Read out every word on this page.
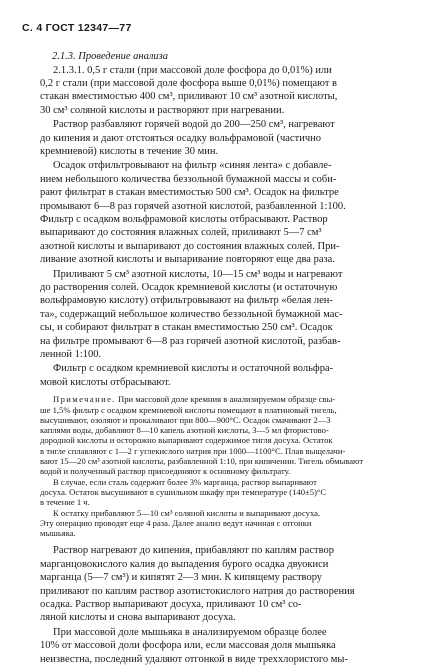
С. 4 ГОСТ 12347—77

2.1.3. Проведение анализа

2.1.3.1. 0,5 г стали (при массовой доле фосфора до 0,01%) или
0,2 г стали (при массовой доле фосфора выше 0,01%) помещают в
стакан вместимостью 400 см³, приливают 10 см³ азотной кислоты,
30 см³ соляной кислоты и растворяют при нагревании.

Раствор разбавляют горячей водой до 200—250 см³, нагревают
до кипения и дают отстояться осадку вольфрамовой (частично
кремниевой) кислоты в течение 30 мин.

Осадок отфильтровывают на фильтр «синяя лента» с добавле-
нием небольшого количества беззольной бумажной массы и соби-
рают фильтрат в стакан вместимостью 500 см³. Осадок на фильтре
промывают 6—8 раз горячей азотной кислотой, разбавленной 1:100.
Фильтр с осадком вольфрамовой кислоты отбрасывают. Раствор
выпаривают до состояния влажных солей, приливают 5—7 см³
азотной кислоты и выпаривают до состояния влажных солей. При-
ливание азотной кислоты и выпаривание повторяют еще два раза.

Приливают 5 см³ азотной кислоты, 10—15 см³ воды и нагревают
до растворения солей. Осадок кремниевой кислоты (и остаточную
вольфрамовую кислоту) отфильтровывают на фильтр «белая лен-
та», содержащий небольшое количество беззольной бумажной мас-
сы, и собирают фильтрат в стакан вместимостью 250 см³. Осадок
на фильтре промывают 6—8 раз горячей азотной кислотой, разбав-
ленной 1:100.

Фильтр с осадком кремниевой кислоты и остаточной вольфра-
мовой кислоты отбрасывают.

Примечание. При массовой доле кремния в анализируемом образце свы-
ше 1,5% фильтр с осадком кремниевой кислоты помещают в платиновый тигель,
высушивают, озоляют и прокаливают при 800—900°С. Осадок смачивают 2—3
каплями воды, добавляют 8—10 капель азотной кислоты, 3—5 мл фтористово-
дородной кислоты и осторожно выпаривают содержимое тигля досуха. Остаток
в тигле сплавляют с 1—2 г углекислого натрия при 1000—1100°С. Плав выщелачи-
вают 15—20 см³ азотной кислоты, разбавленной 1:10, при кипячении. Тигель обмывают
водой и полученный раствор присоединяют к основному фильтрату.

В случае, если сталь содержит более 3% марганца, раствор выпаривают
досуха. Остаток высушивают в сушильном шкафу при температуре (140±5)°С
в течение 1 ч.

К остатку прибавляют 5—10 см³ соляной кислоты и выпаривают досуха.
Эту операцию проводят еще 4 раза. Далее анализ ведут начиная с отгонки
мышьяка.

Раствор нагревают до кипения, прибавляют по каплям раствор
марганцовокислого калия до выпадения бурого осадка двуокиси
марганца (5—7 см³) и кипятят 2—3 мин. К кипящему раствору
приливают по каплям раствор азотистокислого натрия до растворения
осадка. Раствор выпаривают досуха, приливают 10 см³ со-
ляной кислоты и снова выпаривают досуха.

При массовой доле мышьяка в анализируемом образце более
10% от массовой доли фосфора или, если массовая доля мышьяка
неизвестна, последний удаляют отгонкой в виде треххлористого мы-
